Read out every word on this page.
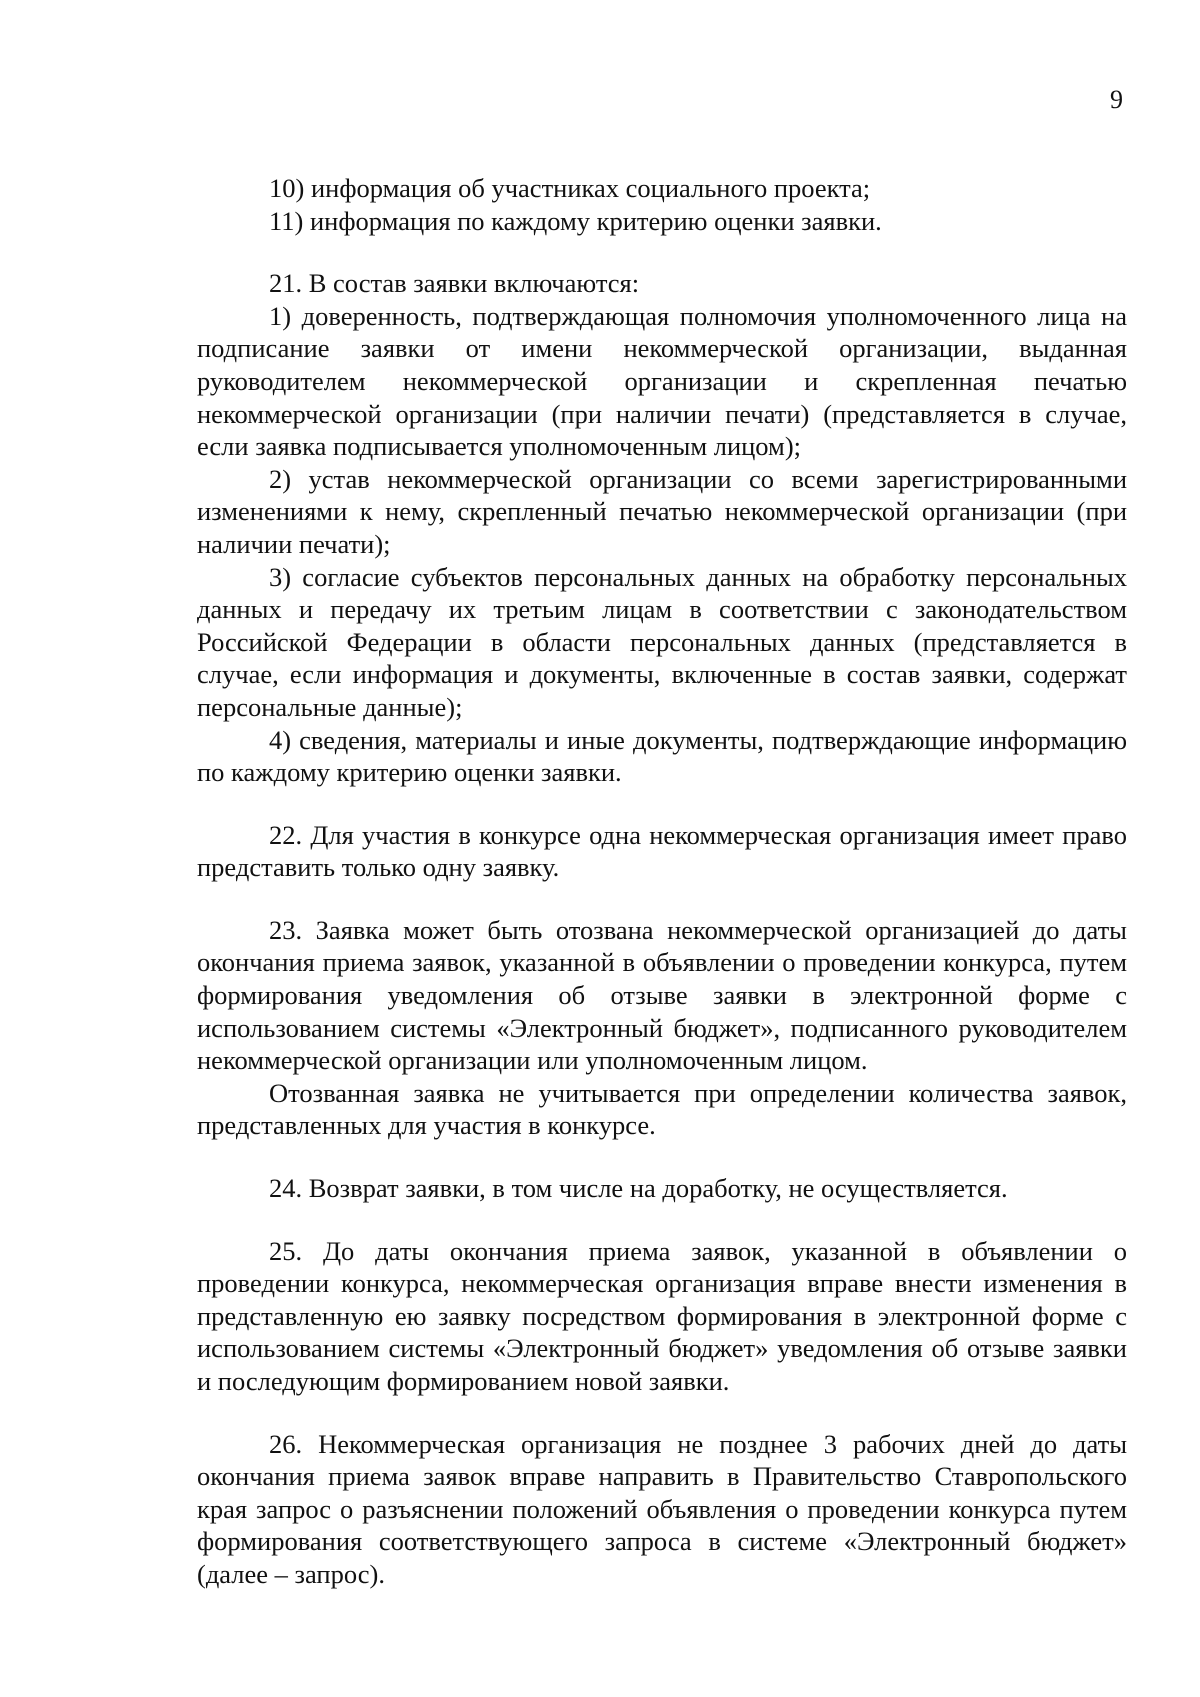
9

10) информация об участниках социального проекта;

11) информация по каждому критерию оценки заявки.

21. В состав заявки включаются:

1) доверенность, подтверждающая полномочия уполномоченного лица на подписание заявки от имени некоммерческой организации, выданная руководителем некоммерческой организации и скрепленная печатью некоммерческой организации (при наличии печати) (представляется в случае, если заявка подписывается уполномоченным лицом);

2) устав некоммерческой организации со всеми зарегистрированными изменениями к нему, скрепленный печатью некоммерческой организации (при наличии печати);

3) согласие субъектов персональных данных на обработку персональных данных и передачу их третьим лицам в соответствии с законодательством Российской Федерации в области персональных данных (представляется в случае, если информация и документы, включенные в состав заявки, содержат персональные данные);

4) сведения, материалы и иные документы, подтверждающие информацию по каждому критерию оценки заявки.

22. Для участия в конкурсе одна некоммерческая организация имеет право представить только одну заявку.

23. Заявка может быть отозвана некоммерческой организацией до даты окончания приема заявок, указанной в объявлении о проведении конкурса, путем формирования уведомления об отзыве заявки в электронной форме с использованием системы «Электронный бюджет», подписанного руководителем некоммерческой организации или уполномоченным лицом.

Отозванная заявка не учитывается при определении количества заявок, представленных для участия в конкурсе.

24. Возврат заявки, в том числе на доработку, не осуществляется.

25. До даты окончания приема заявок, указанной в объявлении о проведении конкурса, некоммерческая организация вправе внести изменения в представленную ею заявку посредством формирования в электронной форме с использованием системы «Электронный бюджет» уведомления об отзыве заявки и последующим формированием новой заявки.

26. Некоммерческая организация не позднее 3 рабочих дней до даты окончания приема заявок вправе направить в Правительство Ставропольского края запрос о разъяснении положений объявления о проведении конкурса путем формирования соответствующего запроса в системе «Электронный бюджет» (далее – запрос).
